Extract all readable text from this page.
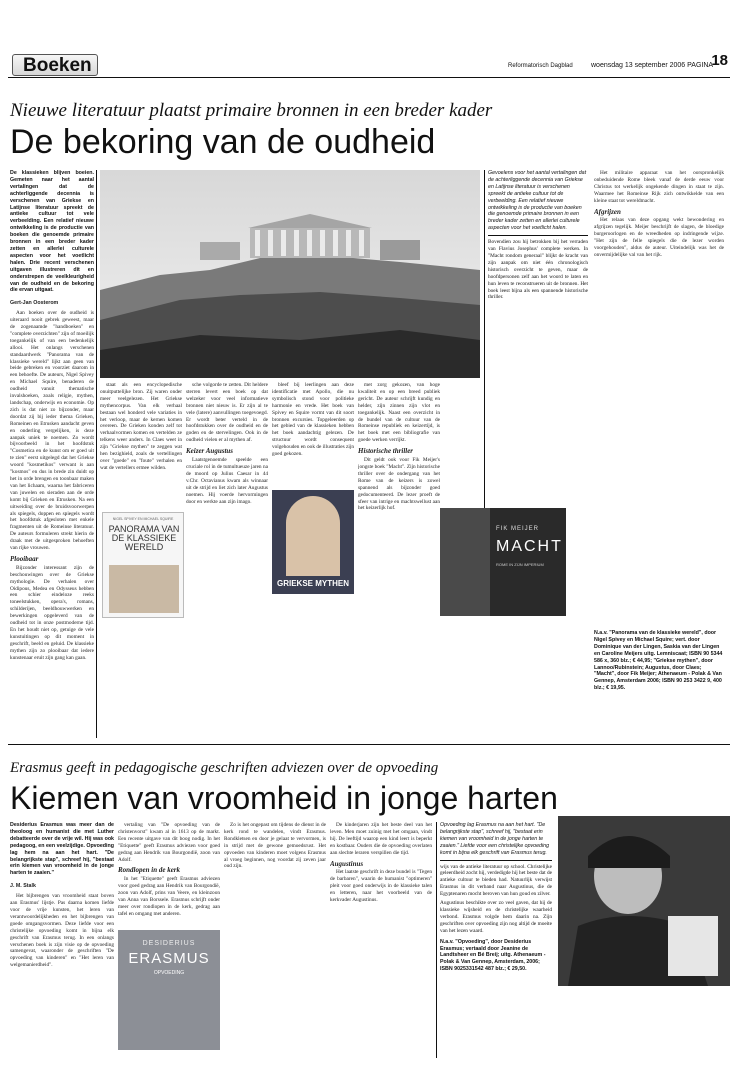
Boeken	Reformatorisch Dagblad	woensdag 13 september 2006 PAGINA
18
Nieuwe literatuur plaatst primaire bronnen in een breder kader
De bekoring van de oudheid
De klassieken blijven boeien. Gemeten naar het aantal vertalingen dat de achterliggende decennia is verschenen van Griekse en Latijnse literatuur spreekt de antieke cultuur tot vele verbeelding. Een relatief nieuwe ontwikkeling is de productie van boeken die genoemde primaire bronnen in een breder kader zetten en allerlei culturele aspecten voor het voetlicht halen. Drie recent verschenen uitgaven illustreren dit en onderstrepen de veelkleurigheid van de oudheid en de bekoring die ervan uitgaat.
Gert-Jan Oosterom

Aan boeken over de oudheid is uiteraard nooit gebrek geweest, maar de zogenaamde "handboeken" en "complete overzichten" zijn of moeilijk toegankelijk of van een bedenkelijk allooi. Het onlangs verschenen standaardwerk "Panorama van de klassieke wereld" lijkt aan geen van beide gebreken en voorziet daarom in een behoefte. De auteurs, Nigel Spivey en Michael Squire, benaderen de oudheid vanuit thematische invalshoeken, zoals religie, mythen, landschap, onderwijs en economie. Op zich is dat niet zo bijzonder, maar doordat zij bij ieder thema Grieken, Romeinen en Etrusken aandacht geven en onderling vergelijken, is deze aanpak uniek te noemen. Zo wordt bijvoorbeeld in het hoofdstuk "Cosmetica en de kunst om er goed uit te zien" eerst uitgelegd dat het Griekse woord "kosmetikos" verwant is aan "kosmos" en dus in brede zin duidt op het in orde brengen en toonbaar maken van het lichaam, waarna het fabriceren van juwelen en sieraden aan de orde komt bij Grieken en Etrusken. Na een uitweiding over de bruidsvoorwerpen als spiegels, doppen en spiegels wordt het hoofdstuk afgesloten met enkele fragmenten uit de Romeinse literatuur. De auteurs formuleren strekt hierin de draak met de uitgesproken behoeften van rijke vrouwen.

Plooibaar

Bijzonder interessant zijn de beschouwingen over de Griekse mythologie. De verhalen over Oidipous, Medea en Odysseus hebben een schier eindeloze reeks toneelstukken, opera's, romans, schilderijen, beeldhouwwerken en bewerkingen opgeleverd van de oudheid tot in onze postmoderne tijd. En het houdt niet op, getuige de vele kunstuitingen op dit moment in geschrift, beeld en geluid. De klassieke mythen zijn zo plooibaar dat iedere kunstenaar eruit zijn gang kan gaan.

staat als een encyclopedische onuitputtelijke bron. Zij waren onder meer veelgelezen. Het Griekse mythencorpus. Van elk verhaal bestaan wel honderd vele variaties in het verloop, maar de kernen komen overeen. De Grieken konden zelf tot verhaalvormen komen en vertelden ze telkens weer anders. In Claes weet in zijn "Griekse mythen" te zeggen wat hen bezighield, zoals de vertellingen over "goede" en "foute" verhalen en wat de vertellers ermee wilden.

NIGEL SPIVEY EN MICHAEL SQUIRE
PANORAMA VAN DE KLASSIEKE WERELD

sche volgorde te zetten. Dit heldere sterren levert een boek op dat welzeker voor veel informatieve bronnen niet nieuw is. Er zijn al te vele (latere) aanvullingen toegevoegd. Er wordt beter verteld in de hoofdstukken over de oudheid en de goden en de stervelingen. Ook in de oudheid vielen er al mythen af.

Keizer Augustus

Laatstgenoemde speelde een cruciale rol in de tumultueuze jaren na de moord op Julius Caesar in 44 v.Chr. Octavianus kwam als winnaar uit de strijd en liet zich later Augustus noemen. Hij voerde hervormingen door en werkte aan zijn imago.

bleef bij leerlingen aan deze identificatie met Apollo, die nu symbolisch stond voor politieke harmonie en vrede. Het boek van Spivey en Squire vormt van dit soort bronnen excursies. Topgeleerden op het gebied van de klassieken hebben het boek aandachtig gelezen. De structuur wordt consequent volgehouden en ook de illustraties zijn goed gekozen.

GRIEKSE MYTHEN

met zorg gekozen, van hoge kwaliteit en op een breed publiek gericht. De auteur schrijft kundig en helder, zijn zinnen zijn vlot en toegankelijk. Naast een overzicht in de bundel van de cultuur van de Romeinse republiek en keizertijd, is het boek met een bibliografie van goede werken verrijkt.

Historische thriller

Dit geldt ook voor Fik Meijer's jongste boek "Macht". Zijn historische thriller over de ondergang van het Rome van de keizers is zowel spannend als bijzonder goed gedocumenteerd. De lezer proeft de sfeer van intrige en machtswellust aan het keizerlijk hof.

FIK MEIJER
MACHT
ROME IN ZIJN IMPERIUM
Gevoelens voor het aantal vertalingen dat de achterliggende decennia van Griekse en Latijnse literatuur is verschenen spreekt de antieke cultuur tot de verbeelding. Een relatief nieuwe ontwikkeling is de productie van boeken die genoemde primaire bronnen in een breder kader zetten en allerlei culturele aspecten voor het voetlicht halen.
Bovendien zou hij betrokken bij het verraden van Flavius Josephus' complete werken. In "Macht rondom generaal" blijkt de kracht van zijn aanpak om niet één chronologisch historisch overzicht te geven, maar de hoofdpersonen zelf aan het woord te laten en hun leven te reconstrueren uit de bronnen. Het boek leest bijna als een spannende historische thriller.

Het militaire apparaat van het oorspronkelijk onbeduidende Rome bleek vanaf de derde eeuw voor Christus tot werkelijk ongekende dingen in staat te zijn. Waarmee het Romeinse Rijk zich ontwikkelde van een kleine staat tot wereldmacht.

Afgrijzen

Het relaas van deze opgang wekt bewondering en afgrijzen tegelijk. Meijer beschrijft de slagen, de bloedige burgeroorlogen en de wreedheden op indringende wijze. "Het zijn de felle spiegels die de lezer worden voorgehouden", aldus de auteur. Uiteindelijk was het de onvermijdelijke val van het rijk.

N.a.v. "Panorama van de klassieke wereld", door Nigel Spivey en Michael Squire; vert. door Dominique van der Lingen, Saskia van der Lingen en Caroline Meijers uitg. Lemniscaat; ISBN 90 5344 586 x, 360 blz.; € 44,95; "Griekse mythen", door Lannoo/Rubinstein; Augustus, door Claes; "Macht", door Fik Meijer; Athenaeum - Polak & Van Gennep, Amsterdam 2006; ISBN 90 253 3422 9, 400 blz.; € 19,95.
Erasmus geeft in pedagogische geschriften adviezen over de opvoeding
Kiemen van vroomheid in jonge harten
Desiderius Erasmus was meer dan de theoloog en humanist die met Luther debatteerde over de vrije wil. Hij was ook pedagoog, en een veelzijdige. Opvoeding lag hem na aan het hart. "De belangrijkste stap", schreef hij, "bestaat erin kiemen van vroomheid in de jonge harten te zaaien."
J. M. Stalk

Het bijbrengen van vroomheid staat boven aan Erasmus' lijstje. Pas daarna komen liefde voor de vrije kunsten, het leren van verantwoordelijkheden en het bijbrengen van goede omgangsvormen. Deze liefde voor een christelijke opvoeding komt in bijna elk geschrift van Erasmus terug. In een onlangs verschenen boek is zijn visie op de opvoeding samengevat, waaronder de geschriften "De opvoeding van kinderen" en "Het leren van welgemanierdheid".

vertaling van "De opvoeding van de christenvorst" kwam al in 1613 op de markt. Een recente uitgave van dit boog nodig. In het "Etiquette" geeft Erasmus adviezen voor goed gedrag aan Hendrik van Bourgondië, zoon van Adolf.

Rondlopen in de kerk

In het "Etiquette" geeft Erasmus adviezen voor goed gedrag aan Hendrik van Bourgondië, zoon van Adolf, prins van Veere, en kleinzoon van Anna van Borssele. Erasmus schrijft onder meer over rondlopen in de kerk, gedrag aan tafel en omgang met anderen.

DESIDERIUS
ERASMUS
OPVOEDING

Zo is het ongepast om tijdens de dienst in de kerk rond te wandelen, vindt Erasmus. Rondkletsen en door je gelaat te vervormen, is in strijd met de gewone gemoedsrust. Het opvoeden van kinderen moet volgens Erasmus al vroeg beginnen, nog voordat zij zeven jaar oud zijn.

De kinderjaren zijn het beste deel van het leven. Men moet zuinig met het omgaan, vindt hij. De leeftijd waarop een kind leert is beperkt en kostbaar. Ouders die de opvoeding overlaten aan slechte leraren verspillen die tijd.

Augustinus

Het laatste geschrift in deze bundel is "Tegen de barbaren", waarin de humanist "optimeren" pleit voor goed onderwijs in de klassieke talen en letteren, naar het voorbeeld van de kerkvader Augustinus.

Opvoeding lag Erasmus na aan het hart. "De belangrijkste stap", schreef hij, "bestaat erin kiemen van vroomheid in de jonge harten te zaaien." Liefde voor een christelijke opvoeding komt in bijna elk geschrift van Erasmus terug.
wijs van de antieke literatuur op school. Christelijke geleerdheid zocht hij, verdedigde hij het beste dat de antieke cultuur te bieden had. Natuurlijk verwijst Erasmus in dit verband naar Augustinus, die de Egyptenaren mocht beroven van hun goud en zilver.
Augustinus beschikte over zo veel gaven, dat hij de klassieke wijsheid en de christelijke waarheid verbond. Erasmus volgde hem daarin na. Zijn geschriften over opvoeding zijn nog altijd de moeite van het lezen waard.
N.a.v. "Opvoeding", door Desiderius Erasmus; vertaald door Jeanine de Landtsheer en Bé Breij; uitg. Athenaeum - Polak & Van Gennep, Amsterdam, 2006; ISBN 9025331542 487 blz.; € 29,50.
